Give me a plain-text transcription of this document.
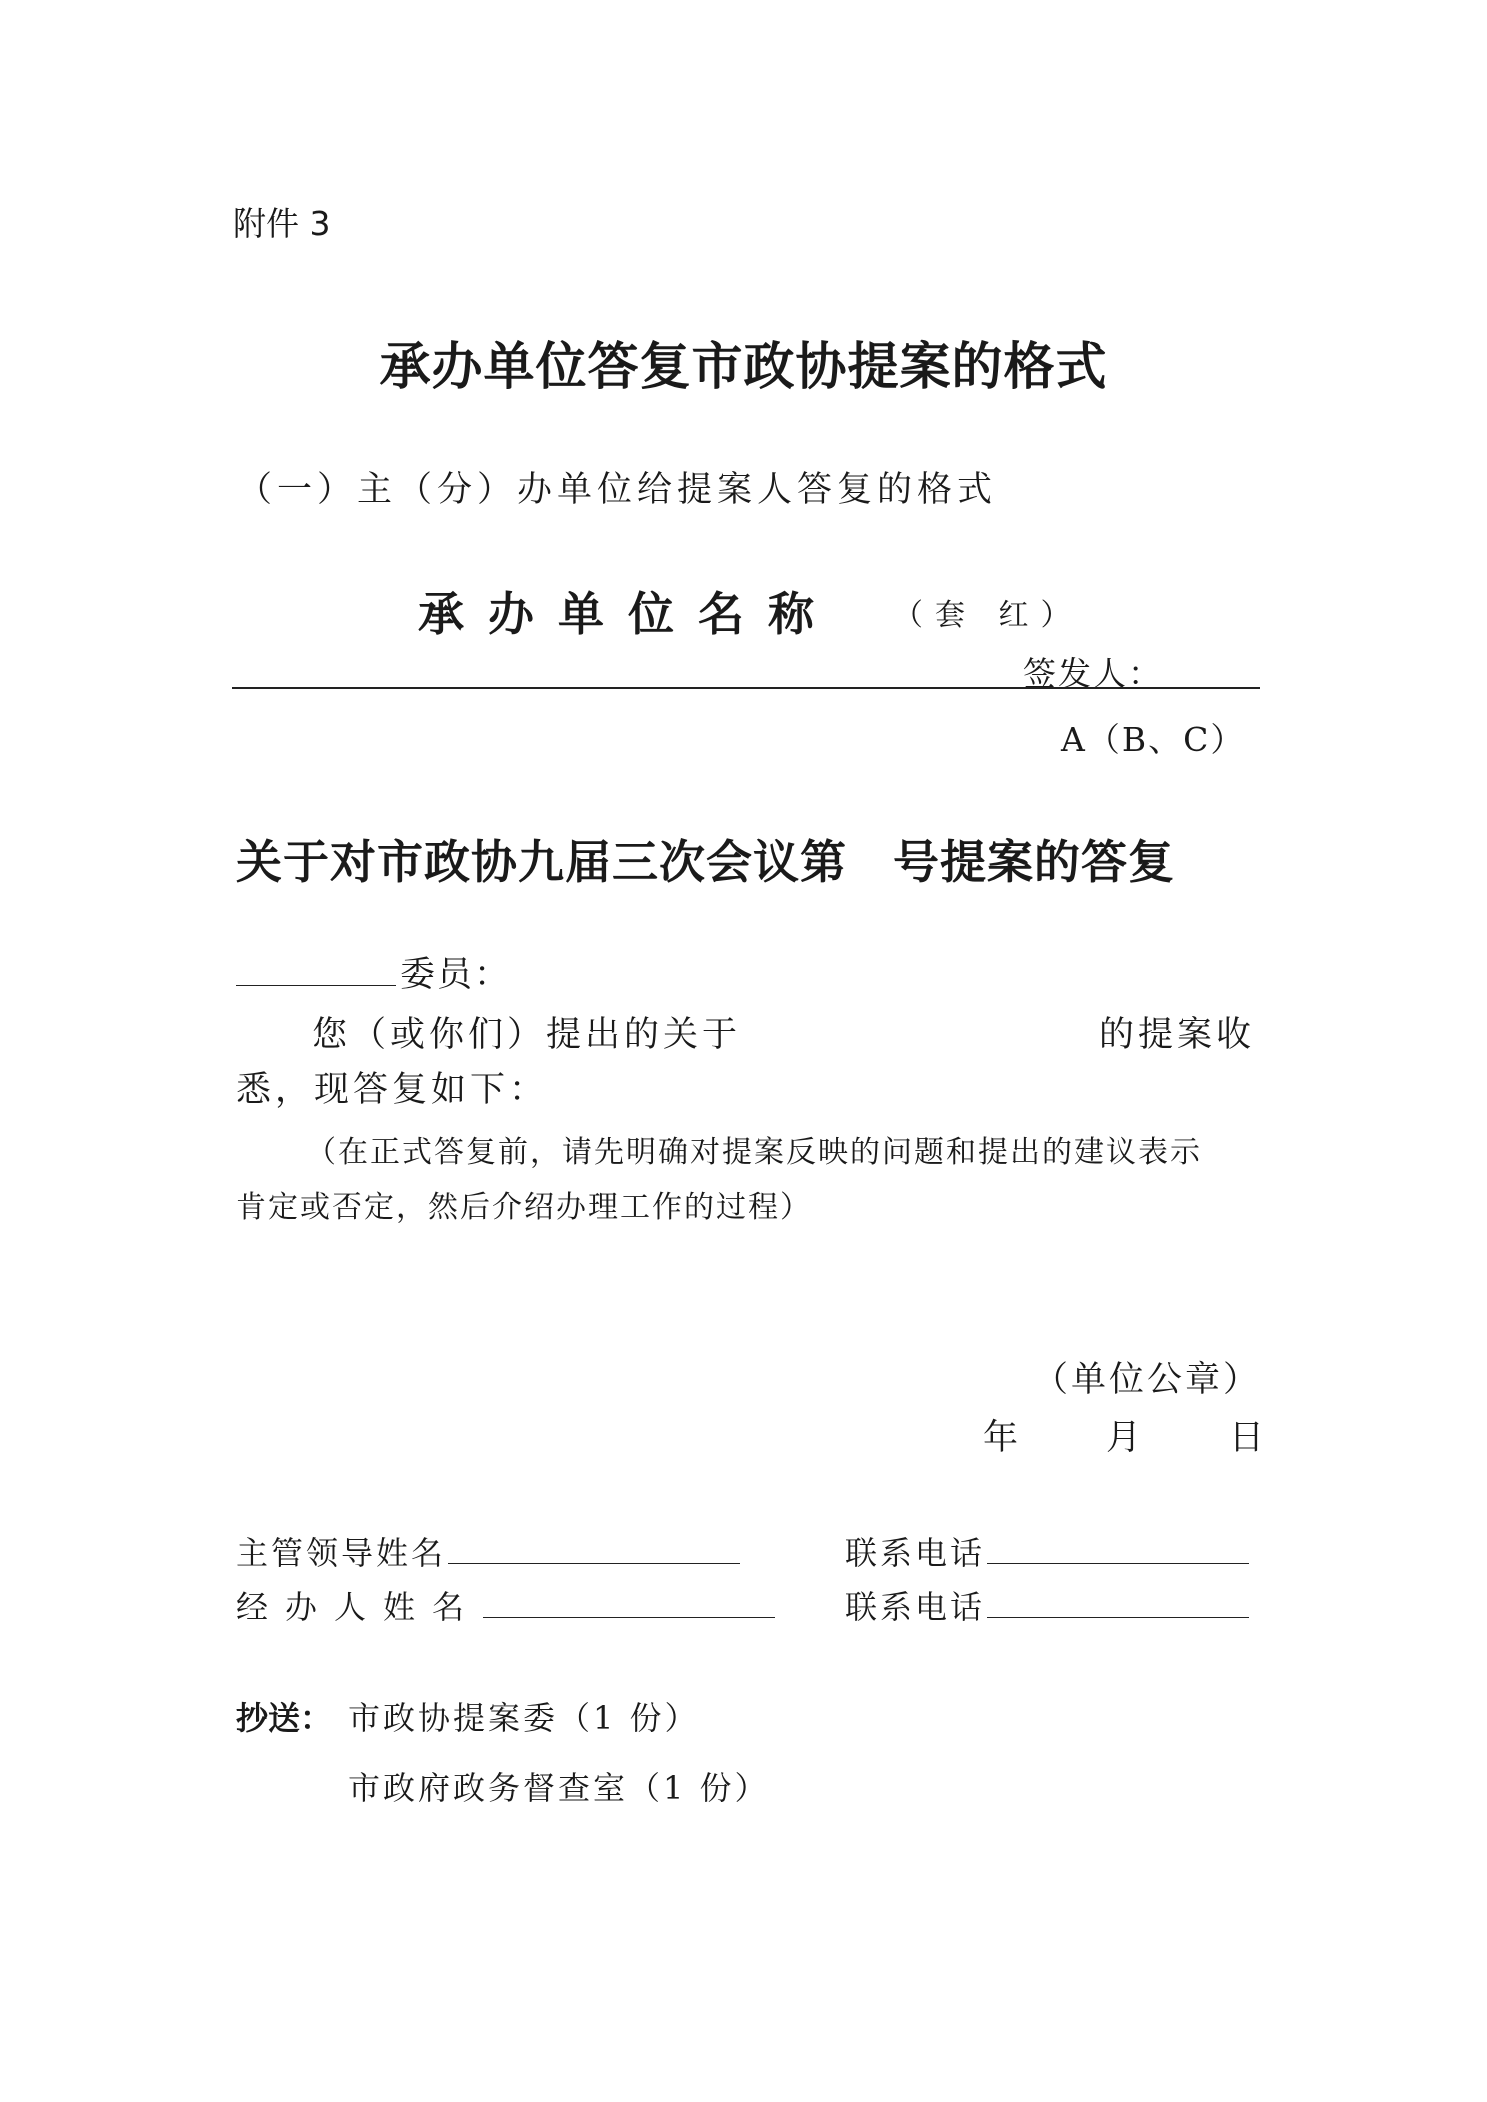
附件 3
承办单位答复市政协提案的格式
（一）主（分）办单位给提案人答复的格式
承办单位名称 （套 红）
签发人：
A（B、C）
关于对市政协九届三次会议第 号提案的答复
委员：
您（或你们）提出的关于	的提案收
悉，现答复如下：
（在正式答复前，请先明确对提案反映的问题和提出的建议表示
肯定或否定，然后介绍办理工作的过程）
（单位公章）
年	月	日
主管领导姓名	联系电话
经办人姓名	联系电话
抄送： 市政协提案委（1 份）
市政府政务督查室（1 份）
